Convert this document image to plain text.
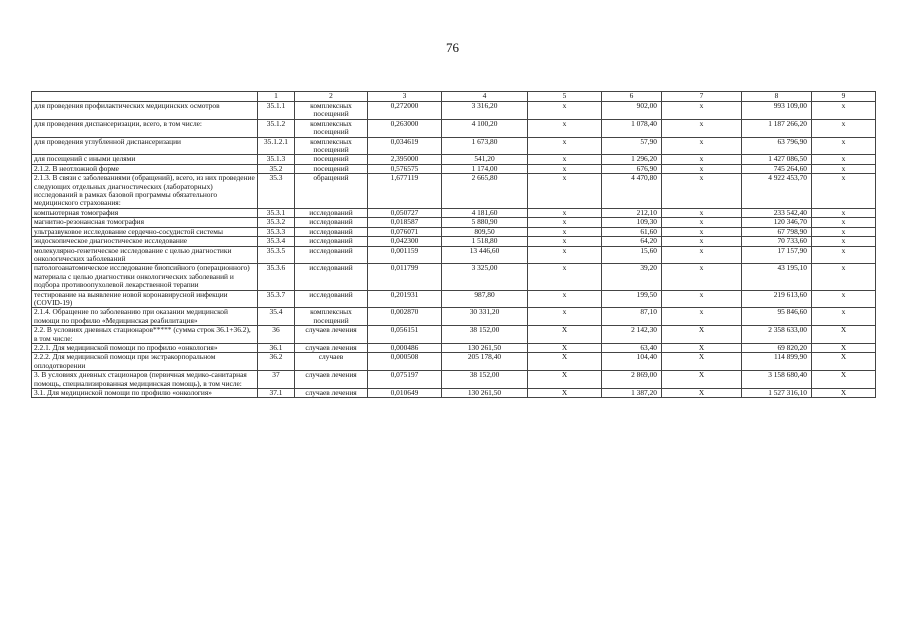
76
	1	2	3	4	5	6	7	8	9
для проведения профилактических медицинских осмотров	35.1.1	комплексных посещений	0,272000	3 316,20	x	902,00	x	993 109,00	x
для проведения диспансеризации, всего, в том числе:	35.1.2	комплексных посещений	0,263000	4 100,20	x	1 078,40	x	1 187 266,20	x
для проведения углубленной диспансеризации	35.1.2.1	комплексных посещений	0,034619	1 673,80	x	57,90	x	63 796,90	x
для посещений с иными целями	35.1.3	посещений	2,395000	541,20	x	1 296,20	x	1 427 086,50	x
2.1.2. В неотложной форме	35.2	посещений	0,576575	1 174,00	x	676,90	x	745 264,60	x
2.1.3. В связи с заболеваниями (обращений), всего, из них проведение следующих отдельных диагностических (лабораторных) исследований в рамках базовой программы обязательного медицинского страхования:	35.3	обращений	1,677119	2 665,80	x	4 470,80	x	4 922 453,70	x
компьютерная томография	35.3.1	исследований	0,050727	4 181,60	x	212,10	x	233 542,40	x
магнитно-резонансная томография	35.3.2	исследований	0,018587	5 880,90	x	109,30	x	120 346,70	x
ультразвуковое исследование сердечно-сосудистой системы	35.3.3	исследований	0,076071	809,50	x	61,60	x	67 798,90	x
эндоскопическое диагностическое исследование	35.3.4	исследований	0,042300	1 518,80	x	64,20	x	70 733,60	x
молекулярно-генетическое исследование с целью диагностики онкологических заболеваний	35.3.5	исследований	0,001159	13 446,60	x	15,60	x	17 157,90	x
патологоанатомическое исследование биопсийного (операционного) материала с целью диагностики онкологических заболеваний и подбора противоопухолевой лекарственной терапии	35.3.6	исследований	0,011799	3 325,00	x	39,20	x	43 195,10	x
тестирование на выявление новой коронавирусной инфекции (COVID-19)	35.3.7	исследований	0,201931	987,80	x	199,50	x	219 613,60	x
2.1.4. Обращение по заболеванию при оказании медицинской помощи по профилю «Медицинская реабилитация»	35.4	комплексных посещений	0,002870	30 331,20	x	87,10	x	95 846,60	x
2.2. В условиях дневных стационаров***** (сумма строк 36.1+36.2), в том числе:	36	случаев лечения	0,056151	38 152,00	X	2 142,30	X	2 358 633,00	X
2.2.1. Для медицинской помощи по профилю «онкология»	36.1	случаев лечения	0,000486	130 261,50	X	63,40	X	69 820,20	X
2.2.2. Для медицинской помощи при экстракорпоральном оплодотворении	36.2	случаев	0,000508	205 178,40	X	104,40	X	114 899,90	X
3. В условиях дневных стационаров (первичная медико-санитарная помощь, специализированная медицинская помощь), в том числе:	37	случаев лечения	0,075197	38 152,00	X	2 869,00	X	3 158 680,40	X
3.1. Для медицинской помощи по профилю «онкология»	37.1	случаев лечения	0,010649	130 261,50	X	1 387,20	X	1 527 316,10	X
